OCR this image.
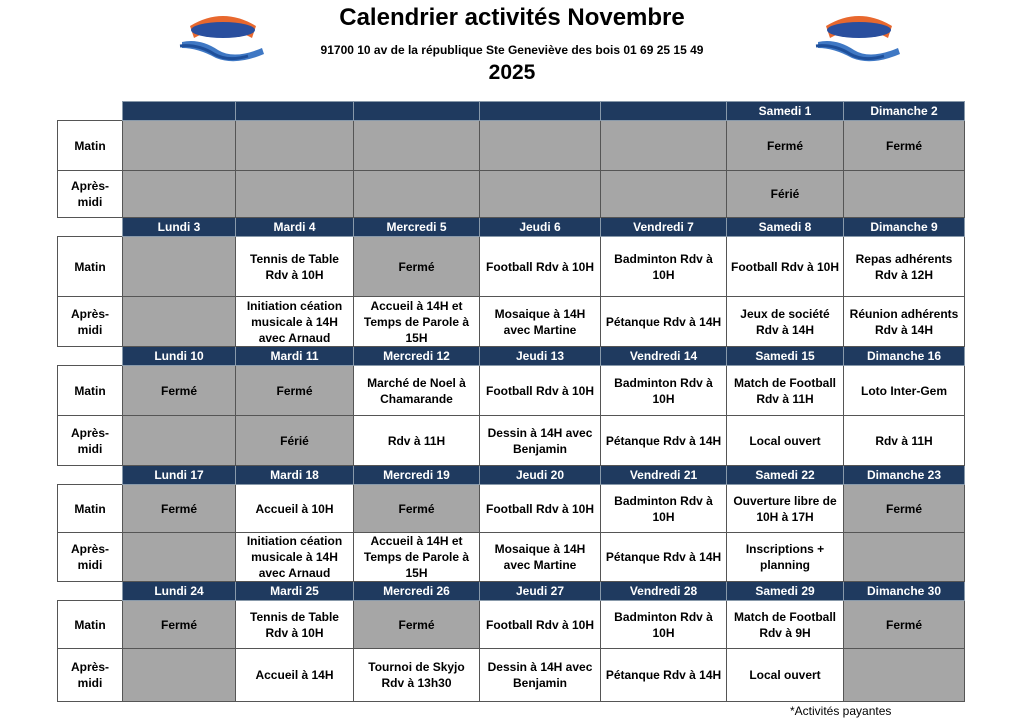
Calendrier activités Novembre
91700 10 av de la république Ste Geneviève des bois 01 69 25 15 49
2025
						Samedi 1	Dimanche 2
Matin						Fermé	Fermé
Après-midi						Férié	
	Lundi 3	Mardi 4	Mercredi 5	Jeudi 6	Vendredi 7	Samedi 8	Dimanche 9
Matin		Tennis de Table Rdv à 10H	Fermé	Football Rdv à 10H	Badminton Rdv à 10H	Football Rdv à 10H	Repas adhérents Rdv à 12H
Après-midi		Initiation céation musicale à 14H avec Arnaud	Accueil à 14H et Temps de Parole à 15H	Mosaique à 14H avec Martine	Pétanque Rdv à 14H	Jeux de société Rdv à 14H	Réunion adhérents Rdv à 14H
	Lundi 10	Mardi 11	Mercredi 12	Jeudi 13	Vendredi 14	Samedi 15	Dimanche 16
Matin	Fermé	Fermé	Marché de Noel à Chamarande	Football Rdv à 10H	Badminton Rdv à 10H	Match de Football Rdv à 11H	Loto Inter-Gem
Après-midi		Férié	Rdv à 11H	Dessin à 14H avec Benjamin	Pétanque Rdv à 14H	Local ouvert	Rdv à 11H
	Lundi 17	Mardi 18	Mercredi 19	Jeudi 20	Vendredi 21	Samedi 22	Dimanche 23
Matin	Fermé	Accueil à 10H	Fermé	Football Rdv à 10H	Badminton Rdv à 10H	Ouverture libre de 10H à 17H	Fermé
Après-midi		Initiation céation musicale à 14H avec Arnaud	Accueil à 14H et Temps de Parole à 15H	Mosaique à 14H avec Martine	Pétanque Rdv à 14H	Inscriptions + planning	
	Lundi 24	Mardi 25	Mercredi 26	Jeudi 27	Vendredi 28	Samedi 29	Dimanche 30
Matin	Fermé	Tennis de Table Rdv à 10H	Fermé	Football Rdv à 10H	Badminton Rdv à 10H	Match de Football Rdv à 9H	Fermé
Après-midi		Accueil à 14H	Tournoi de Skyjo Rdv à 13h30	Dessin à 14H avec Benjamin	Pétanque Rdv à 14H	Local ouvert	
*Activités payantes
